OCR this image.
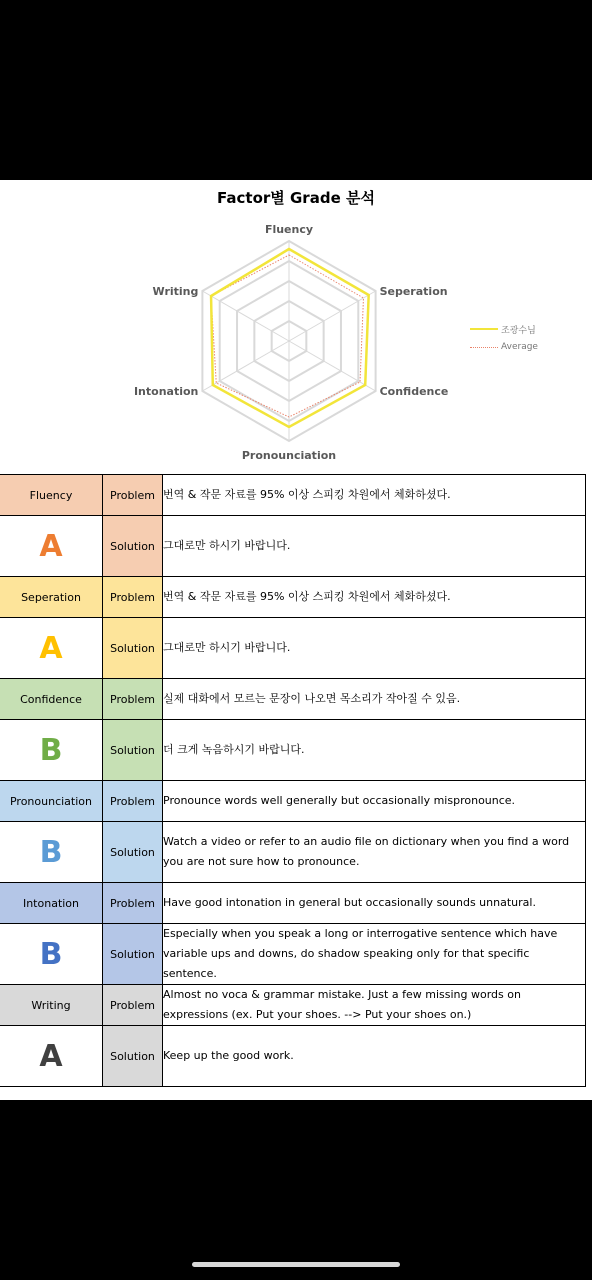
Factor별 Grade 분석
Fluency
Seperation
Confidence
Pronounciation
Intonation
Writing
조광수님
Average
Fluency	Problem	번역 & 작문 자료를 95% 이상 스피킹 차원에서 체화하셨다.
A	Solution	그대로만 하시기 바랍니다.
Seperation	Problem	번역 & 작문 자료를 95% 이상 스피킹 차원에서 체화하셨다.
A	Solution	그대로만 하시기 바랍니다.
Confidence	Problem	실제 대화에서 모르는 문장이 나오면 목소리가 작아질 수 있음.
B	Solution	더 크게 녹음하시기 바랍니다.
Pronounciation	Problem	Pronounce words well generally but occasionally mispronounce.
B	Solution	Watch a video or refer to an audio file on dictionary when you find a word you are not sure how to pronounce.
Intonation	Problem	Have good intonation in general but occasionally sounds unnatural.
B	Solution	Especially when you speak a long or interrogative sentence which have variable ups and downs, do shadow speaking only for that specific sentence.
Writing	Problem	Almost no voca & grammar mistake. Just a few missing words on expressions (ex. Put your shoes. --> Put your shoes on.)
A	Solution	Keep up the good work.
